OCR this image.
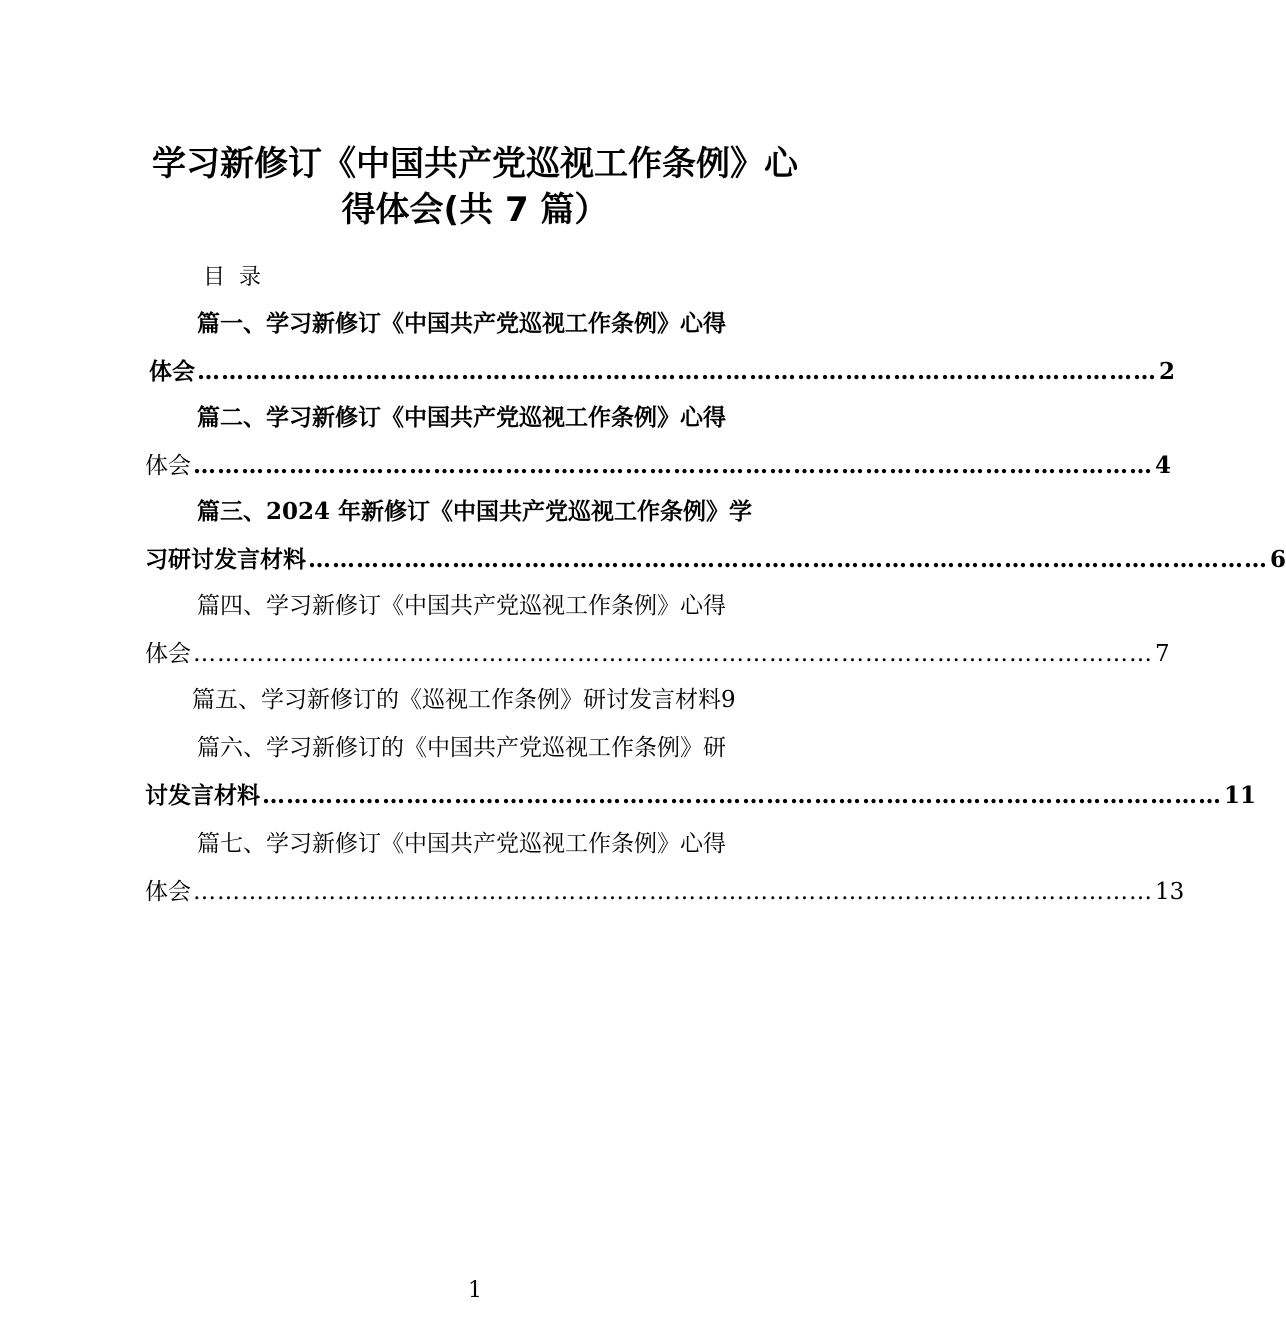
学习新修订《中国共产党巡视工作条例》心
得体会(共 7 篇）
目录

篇一、学习新修订《中国共产党巡视工作条例》心得

体会 ………………………………………………………………………………………………………… 2

篇二、学习新修订《中国共产党巡视工作条例》心得

体会 ………………………………………………………………………………………………………… 4

篇三、2024 年新修订《中国共产党巡视工作条例》学

习研讨发言材料 ………………………………………………………………………………………………………… 6

篇四、学习新修订《中国共产党巡视工作条例》心得

体会 ………………………………………………………………………………………………………… 7
篇五、学习新修订的《巡视工作条例》研讨发言材料 9

篇六、学习新修订的《中国共产党巡视工作条例》研

讨发言材料 ………………………………………………………………………………………………………… 11

篇七、学习新修订《中国共产党巡视工作条例》心得

体会 ………………………………………………………………………………………………………… 13
1
